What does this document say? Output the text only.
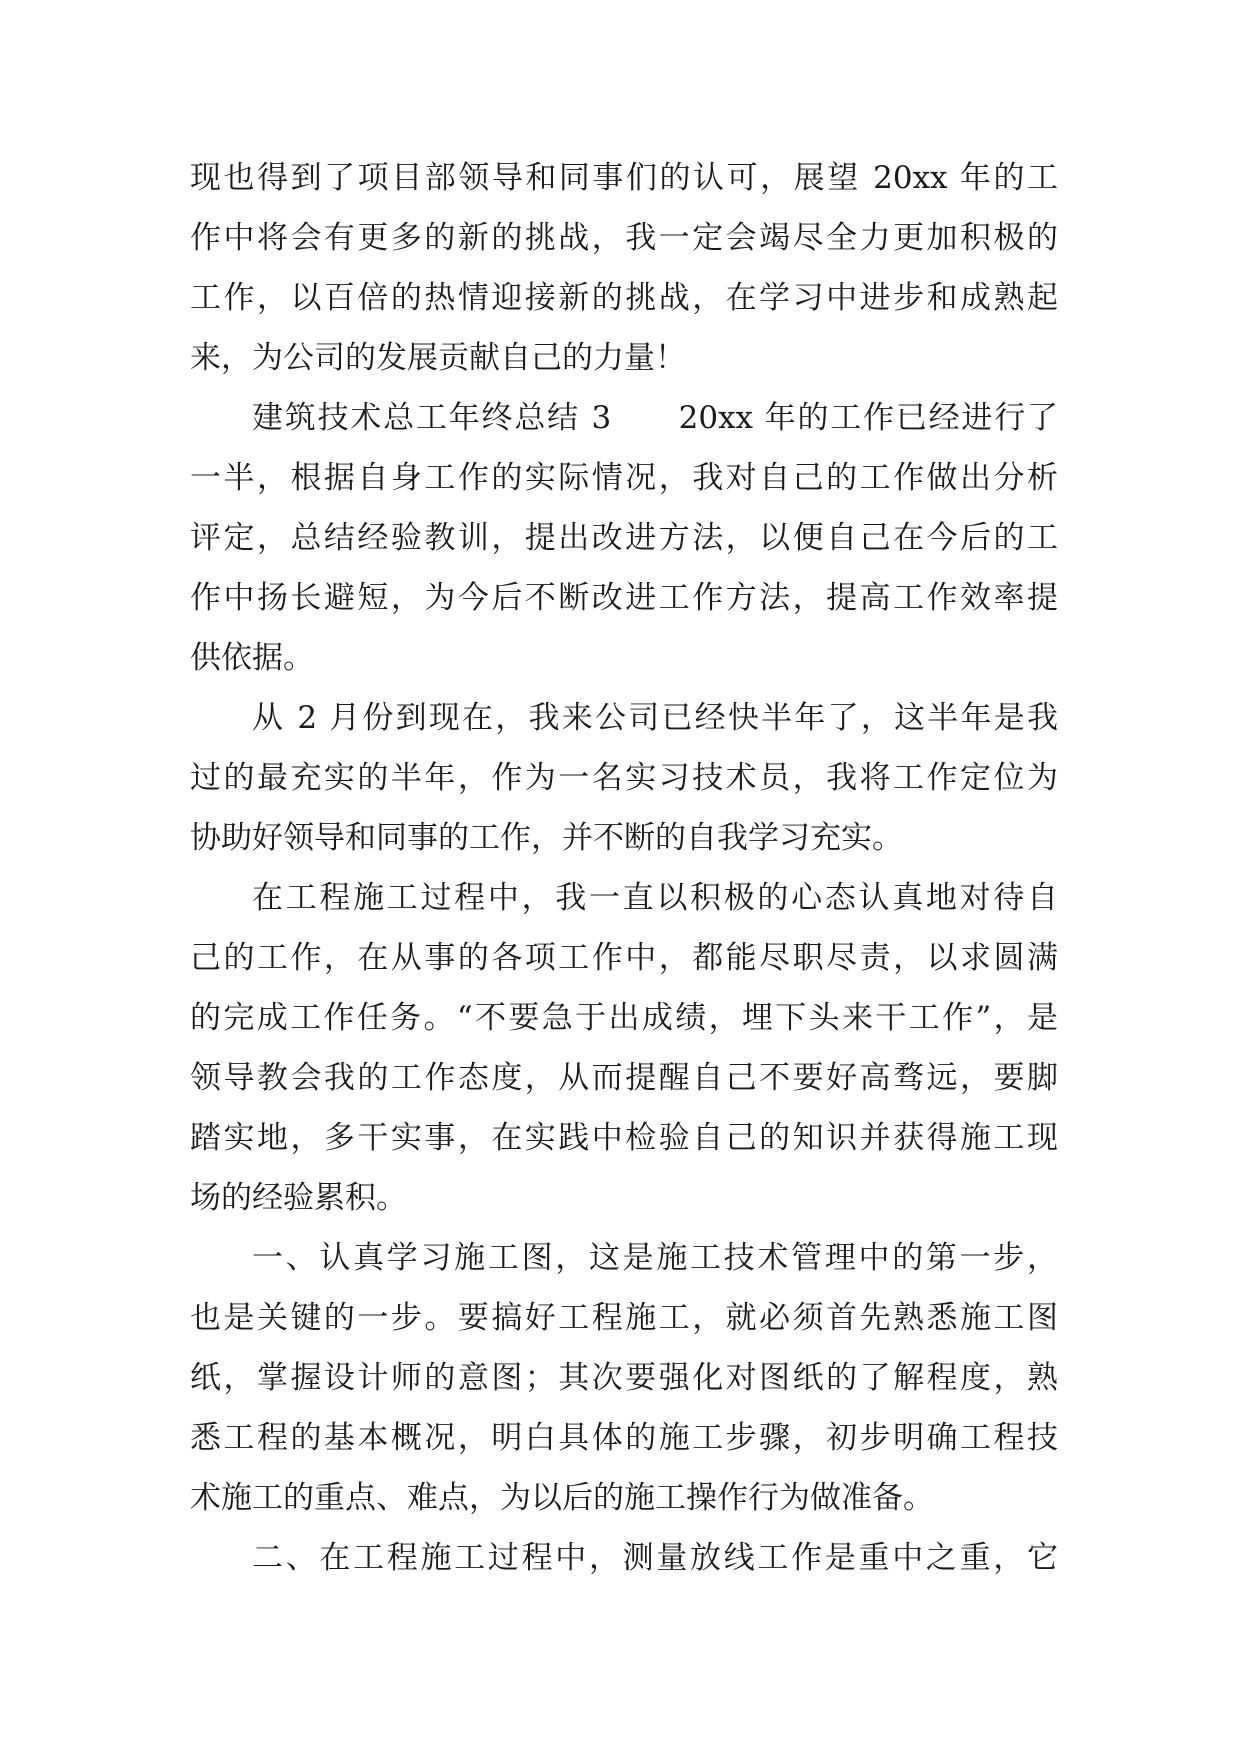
现也得到了项目部领导和同事们的认可，展望 20xx 年的工
作中将会有更多的新的挑战，我一定会竭尽全力更加积极的
工作，以百倍的热情迎接新的挑战，在学习中进步和成熟起
来，为公司的发展贡献自己的力量！
建筑技术总工年终总结 3　　20xx 年的工作已经进行了
一半，根据自身工作的实际情况，我对自己的工作做出分析
评定，总结经验教训，提出改进方法，以便自己在今后的工
作中扬长避短，为今后不断改进工作方法，提高工作效率提
供依据。
从 2 月份到现在，我来公司已经快半年了，这半年是我
过的最充实的半年，作为一名实习技术员，我将工作定位为
协助好领导和同事的工作，并不断的自我学习充实。
在工程施工过程中，我一直以积极的心态认真地对待自
己的工作，在从事的各项工作中，都能尽职尽责，以求圆满
的完成工作任务。“不要急于出成绩，埋下头来干工作”，是
领导教会我的工作态度，从而提醒自己不要好高骛远，要脚
踏实地，多干实事，在实践中检验自己的知识并获得施工现
场的经验累积。
一、认真学习施工图，这是施工技术管理中的第一步，
也是关键的一步。要搞好工程施工，就必须首先熟悉施工图
纸，掌握设计师的意图；其次要强化对图纸的了解程度，熟
悉工程的基本概况，明白具体的施工步骤，初步明确工程技
术施工的重点、难点，为以后的施工操作行为做准备。
二、在工程施工过程中，测量放线工作是重中之重，它
